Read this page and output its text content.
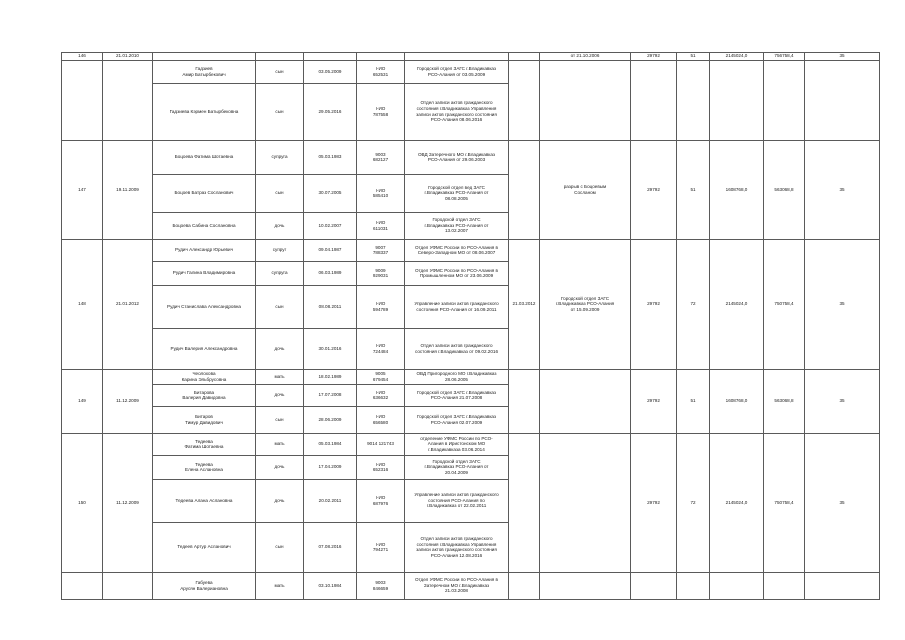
146	21.01.2010							от 21.10.2006	29792	51	2145024,0	756758,4	35
		Гадзиев
Амир Батырбекович	сын	03.05.2009	I-ИО
652531	Городской отдел ЗАГС г.Владикавказ
РСО-Алания от 03.05.2009							
		Гадзиева Кэрмен Батырбековна	сын	29.05.2016	I-ИО
787558	Отдел записи актов гражданского
состояния г.Владикавказ Управления
записи актов гражданского состояния
РСО-Алания 08.06.2016							
147	19.11.2009	Боцоева Фатима Шотаевна	супруга	05.03.1983	9003
682127	ОВД Затеречного МО г.Владикавказ
РСО-Алания от 29.06.2003		разрыв с Боцоевым
Сосланом	29792	51	1608768,0	563068,8	35
		Боцоев Батраз Сосланович	сын	30.07.2005	I-ИО
585410	Городской отдел вед ЗАГС
г.Владикавказ РСО-Алания от
08.08.2005							
		Боцоева Сабина Сослановна	дочь	10.02.2007	I-ИО
611031	Городской отдел ЗАГС
г.Владикавказ РСО-Алания от
13.02.2007							
148	21.01.2012	Рудич Александр Юрьевич	супруг	09.04.1987	9007
788337	Отдел УФМС России по РСО-Алания в
Северо-Западном МО от 08.06.2007	21.03.2012	Городской отдел ЗАГС
г.Владикавказ РСО-Алания
от 15.09.2009	29792	72	2145024,0	750758,4	35
		Рудич Галина Владимировна	супруга	06.03.1989	9009
929031	Отдел УФМС России по РСО-Алания в
Промышленном МО от 23.06.2009							
		Рудич Станислава Александровна	сын	08.08.2011	I-ИО
594789	Управление записи актов гражданского
состояния РСО-Алания от 16.09.2011							
		Рудич Валерия Александровна	дочь	30.01.2016	I-ИО
724484	Отдел записи актов гражданского
состояния г.Владикавказ от 09.02.2016							
149	11.12.2009	Чеолохова
Карина Эльбрусовна	мать	18.02.1989	9005
679454	ОВД Пригородного МО г.Владикавказ
28.06.2005			29792	51	1608768,0	563068,8	35
		Битарова
Валерия Давидовна	дочь	17.07.2008	I-ИО
636632	Городской отдел ЗАГС г.Владикавказ
РСО-Алания 21.07.2008							
		Битаров
Тимур Давидович	сын	28.06.2009	I-ИО
656580	Городской отдел ЗАГС г.Владикавказ
РСО-Алания 02.07.2009							
150	11.12.2009	Тедеева
Фатима Шотаевна	мать	05.03.1984	9014 121743	отделение УФМС России по РСО-
Алания в Иристонском МО
г.Владикавказа 03.06.2014			29792	72	2145024,0	750758,4	35
		Тедеева
Елена Аслановна	дочь	17.04.2009	I-ИО
652316	Городской отдел ЗАГС
г.Владикавказ РСО-Алания от
20.04.2009							
		Тедеева Алана Аслановна	дочь	20.02.2011	I-ИО
687976	Управление записи актов гражданского
состояния РСО-Алания по
г.Владикавказ от 22.02.2011							
		Тедеев Артур Асланович	сын	07.08.2016	I-ИО
794271	Отдел записи актов гражданского
состояния г.Владикавказ Управления
записи актов гражданского состояния
РСО-Алания 12.08.2016							
		Габуева
Арусян Валериановна	мать	03.10.1984	9003
846659	Отдел УФМС России по РСО-Алания в
Затеречном МО г.Владикавказ
21.03.2008							
